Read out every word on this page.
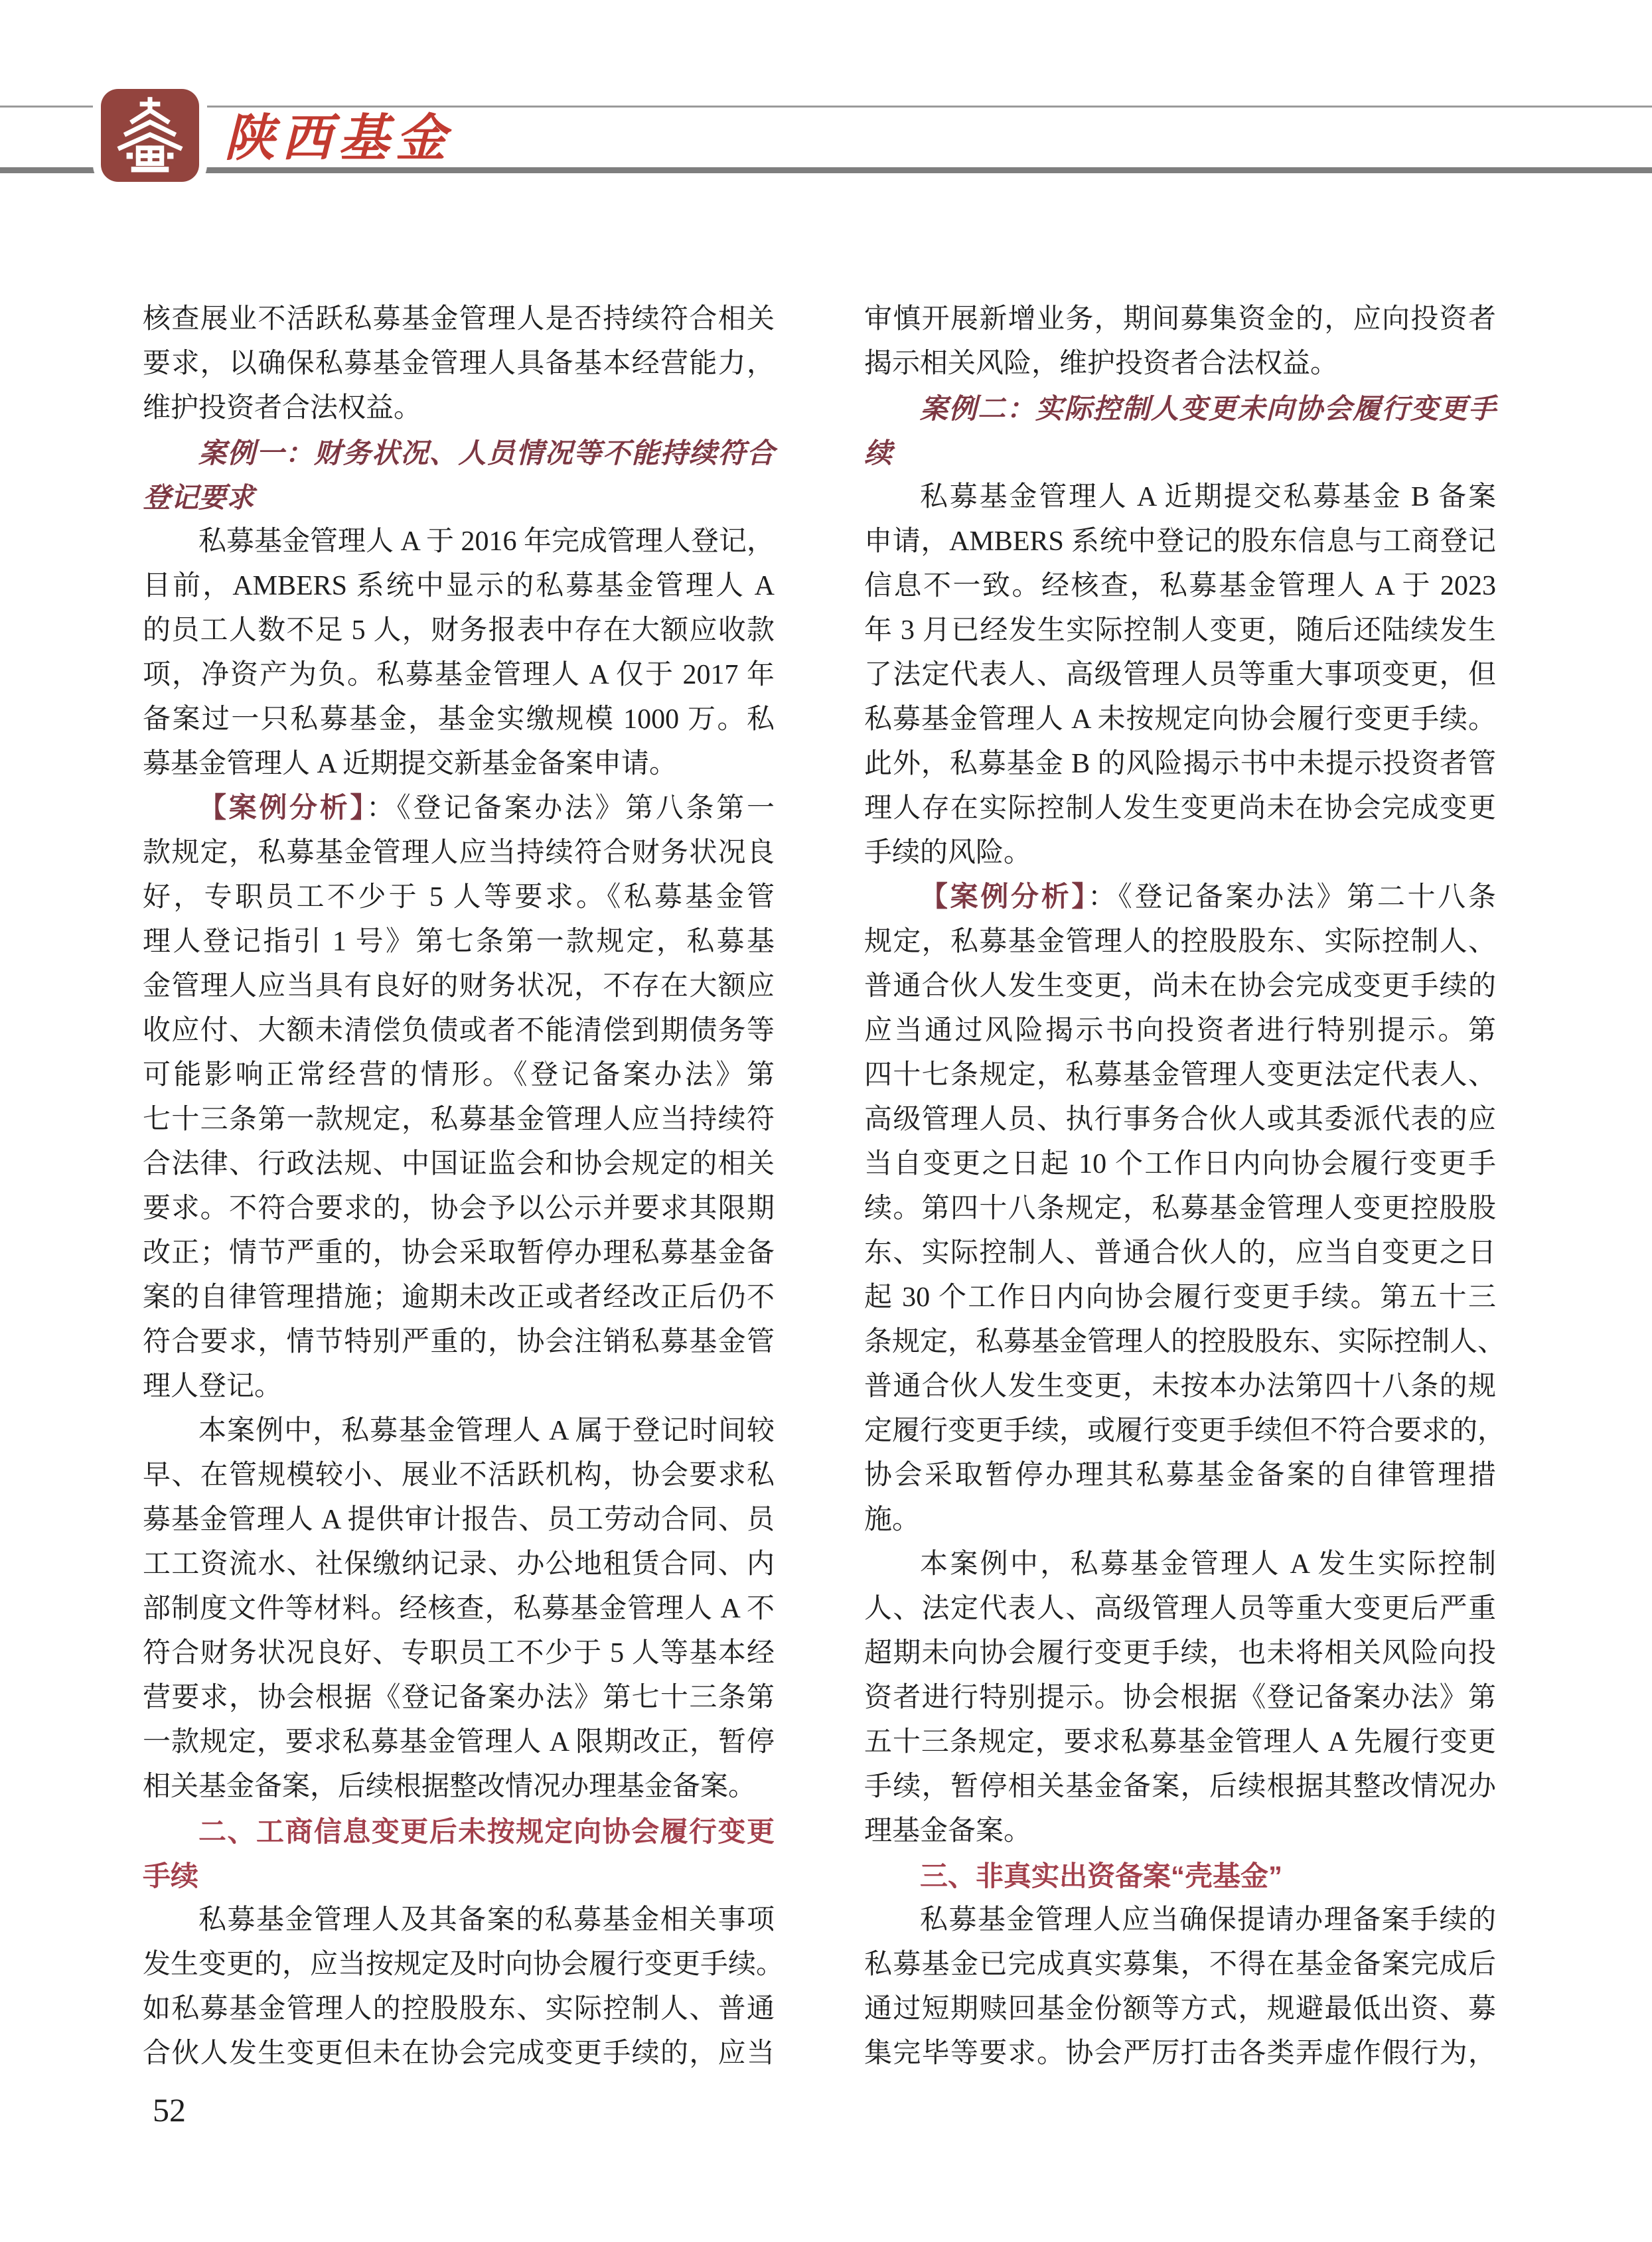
陕西基金
核查展业不活跃私募基金管理人是否持续符合相关
要求，以确保私募基金管理人具备基本经营能力，
维护投资者合法权益。
案例一：财务状况、人员情况等不能持续符合
登记要求
私募基金管理人 A 于 2016 年完成管理人登记，
目前，AMBERS 系统中显示的私募基金管理人 A
的员工人数不足 5 人，财务报表中存在大额应收款
项，净资产为负。私募基金管理人 A 仅于 2017 年
备案过一只私募基金，基金实缴规模 1000 万。私
募基金管理人 A 近期提交新基金备案申请。
【案例分析】：《登记备案办法》第八条第一
款规定，私募基金管理人应当持续符合财务状况良
好，专职员工不少于 5 人等要求。《私募基金管
理人登记指引 1 号》第七条第一款规定，私募基
金管理人应当具有良好的财务状况，不存在大额应
收应付、大额未清偿负债或者不能清偿到期债务等
可能影响正常经营的情形。《登记备案办法》第
七十三条第一款规定，私募基金管理人应当持续符
合法律、行政法规、中国证监会和协会规定的相关
要求。不符合要求的，协会予以公示并要求其限期
改正；情节严重的，协会采取暂停办理私募基金备
案的自律管理措施；逾期未改正或者经改正后仍不
符合要求，情节特别严重的，协会注销私募基金管
理人登记。
本案例中，私募基金管理人 A 属于登记时间较
早、在管规模较小、展业不活跃机构，协会要求私
募基金管理人 A 提供审计报告、员工劳动合同、员
工工资流水、社保缴纳记录、办公地租赁合同、内
部制度文件等材料。经核查，私募基金管理人 A 不
符合财务状况良好、专职员工不少于 5 人等基本经
营要求，协会根据《登记备案办法》第七十三条第
一款规定，要求私募基金管理人 A 限期改正，暂停
相关基金备案，后续根据整改情况办理基金备案。
二、工商信息变更后未按规定向协会履行变更
手续
私募基金管理人及其备案的私募基金相关事项
发生变更的，应当按规定及时向协会履行变更手续。
如私募基金管理人的控股股东、实际控制人、普通
合伙人发生变更但未在协会完成变更手续的，应当
审慎开展新增业务，期间募集资金的，应向投资者
揭示相关风险，维护投资者合法权益。
案例二：实际控制人变更未向协会履行变更手
续
私募基金管理人 A 近期提交私募基金 B 备案
申请，AMBERS 系统中登记的股东信息与工商登记
信息不一致。经核查，私募基金管理人 A 于 2023
年 3 月已经发生实际控制人变更，随后还陆续发生
了法定代表人、高级管理人员等重大事项变更，但
私募基金管理人 A 未按规定向协会履行变更手续。
此外，私募基金 B 的风险揭示书中未提示投资者管
理人存在实际控制人发生变更尚未在协会完成变更
手续的风险。
【案例分析】：《登记备案办法》第二十八条
规定，私募基金管理人的控股股东、实际控制人、
普通合伙人发生变更，尚未在协会完成变更手续的
应当通过风险揭示书向投资者进行特别提示。第
四十七条规定，私募基金管理人变更法定代表人、
高级管理人员、执行事务合伙人或其委派代表的应
当自变更之日起 10 个工作日内向协会履行变更手
续。第四十八条规定，私募基金管理人变更控股股
东、实际控制人、普通合伙人的，应当自变更之日
起 30 个工作日内向协会履行变更手续。第五十三
条规定，私募基金管理人的控股股东、实际控制人、
普通合伙人发生变更，未按本办法第四十八条的规
定履行变更手续，或履行变更手续但不符合要求的，
协会采取暂停办理其私募基金备案的自律管理措
施。
本案例中，私募基金管理人 A 发生实际控制
人、法定代表人、高级管理人员等重大变更后严重
超期未向协会履行变更手续，也未将相关风险向投
资者进行特别提示。协会根据《登记备案办法》第
五十三条规定，要求私募基金管理人 A 先履行变更
手续，暂停相关基金备案，后续根据其整改情况办
理基金备案。
三、非真实出资备案“壳基金”
私募基金管理人应当确保提请办理备案手续的
私募基金已完成真实募集，不得在基金备案完成后
通过短期赎回基金份额等方式，规避最低出资、募
集完毕等要求。协会严厉打击各类弄虚作假行为，
52
